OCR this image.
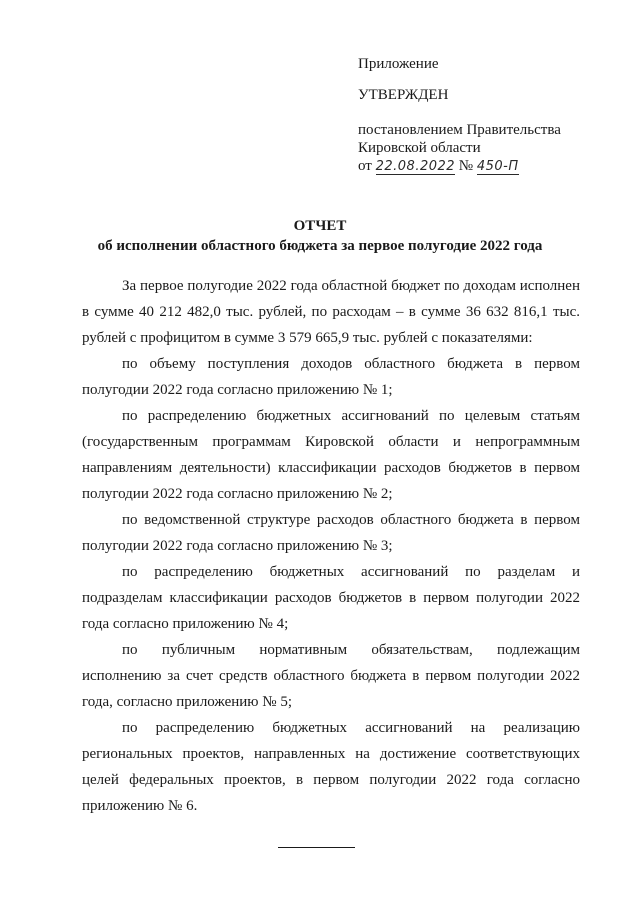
Приложение
УТВЕРЖДЕН
постановлением Правительства
Кировской области
от 22.08.2022 № 450-П
ОТЧЕТ
об исполнении областного бюджета за первое полугодие 2022 года

За первое полугодие 2022 года областной бюджет по доходам исполнен в сумме 40 212 482,0 тыс. рублей, по расходам – в сумме 36 632 816,1 тыс. рублей с профицитом в сумме 3 579 665,9 тыс. рублей с показателями:

по объему поступления доходов областного бюджета в первом полугодии 2022 года согласно приложению № 1;

по распределению бюджетных ассигнований по целевым статьям (государственным программам Кировской области и непрограммным направлениям деятельности) классификации расходов бюджетов в первом полугодии 2022 года согласно приложению № 2;

по ведомственной структуре расходов областного бюджета в первом полугодии 2022 года согласно приложению № 3;

по распределению бюджетных ассигнований по разделам и подразделам классификации расходов бюджетов в первом полугодии 2022 года согласно приложению № 4;

по публичным нормативным обязательствам, подлежащим исполнению за счет средств областного бюджета в первом полугодии 2022 года, согласно приложению № 5;

по распределению бюджетных ассигнований на реализацию региональных проектов, направленных на достижение соответствующих целей федеральных проектов, в первом полугодии 2022 года согласно приложению № 6.
